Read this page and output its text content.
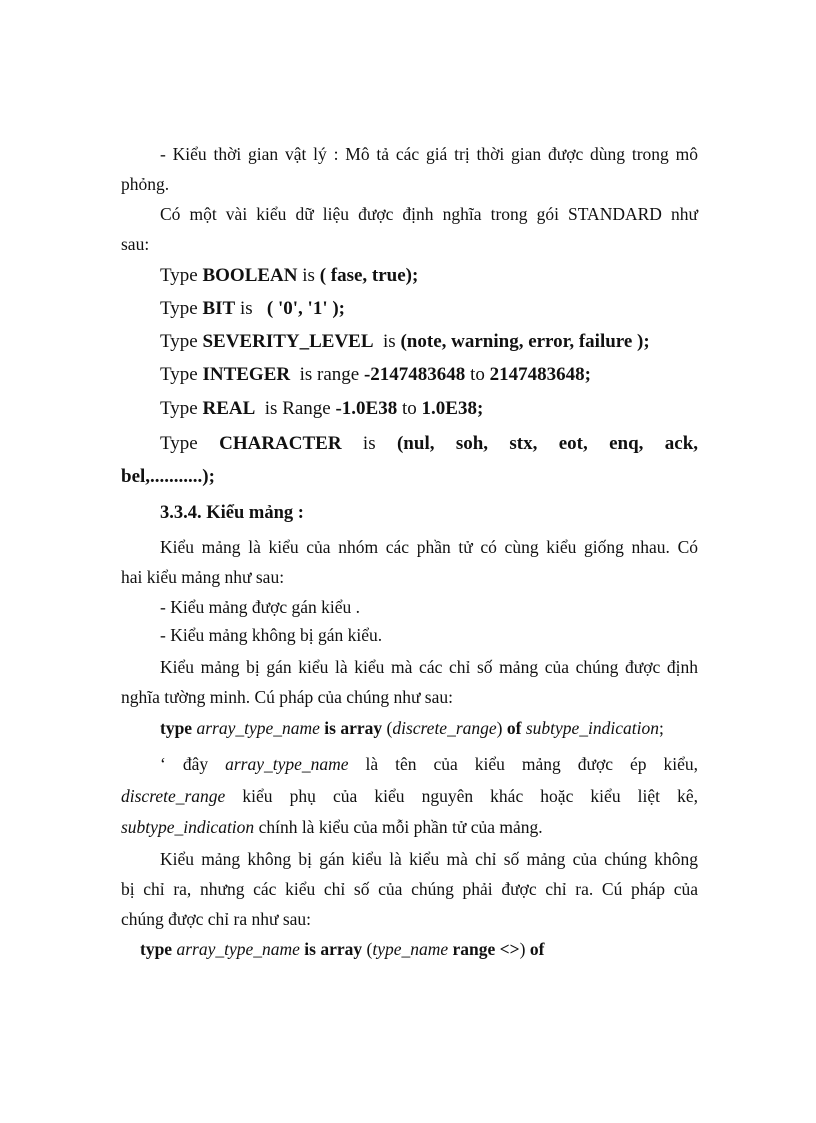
- Kiểu thời gian vật lý : Mô tả các giá trị thời gian được dùng trong mô
phỏng.
Có một vài kiểu dữ liệu được định nghĩa trong gói STANDARD như
sau:
Type BOOLEAN is ( fase, true);
Type BIT is ( '0', '1' );
Type SEVERITY_LEVEL is (note, warning, error, failure );
Type INTEGER is range -2147483648 to 2147483648;
Type REAL is Range -1.0E38 to 1.0E38;
Type CHARACTER is (nul, soh, stx, eot, enq, ack,
bel,...........);
3.3.4. Kiểu mảng :
Kiểu mảng là kiểu của nhóm các phần tử có cùng kiểu giống nhau. Có
hai kiểu mảng như sau:
- Kiểu mảng được gán kiểu .
- Kiểu mảng không bị gán kiểu.
Kiểu mảng bị gán kiểu là kiểu mà các chỉ số mảng của chúng được định
nghĩa tường minh. Cú pháp của chúng như sau:
type array_type_name is array (discrete_range) of subtype_indication;
‘ đây array_type_name là tên của kiểu mảng được ép kiểu,
discrete_range kiểu phụ của kiểu nguyên khác hoặc kiểu liệt kê,
subtype_indication chính là kiểu của mỗi phần tử của mảng.
Kiểu mảng không bị gán kiểu là kiểu mà chỉ số mảng của chúng không
bị chỉ ra, nhưng các kiểu chỉ số của chúng phải được chỉ ra. Cú pháp của
chúng được chỉ ra như sau:
type array_type_name is array (type_name range <>) of
